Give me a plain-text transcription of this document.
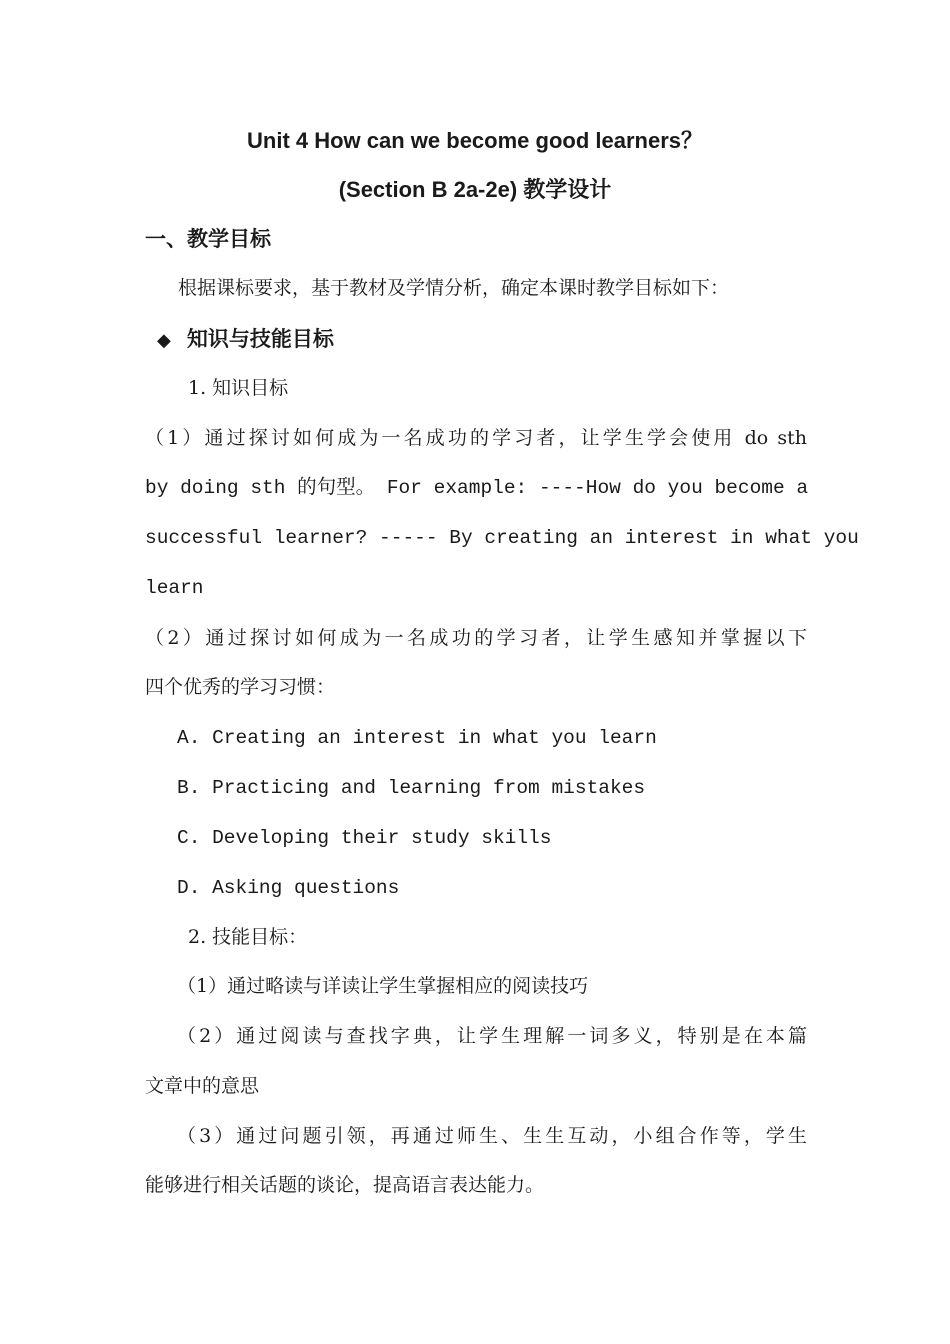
Unit 4 How can we become good learners？
(Section B 2a-2e) 教学设计
一、教学目标
根据课标要求，基于教材及学情分析，确定本课时教学目标如下：
◆ 知识与技能目标
1. 知识目标
（1）通过探讨如何成为一名成功的学习者，让学生学会使用 do sth
by doing sth 的句型。 For example: ----How do you become a
successful learner? ----- By creating an interest in what you
learn
（2）通过探讨如何成为一名成功的学习者，让学生感知并掌握以下
四个优秀的学习习惯：
A. Creating an interest in what you learn
B. Practicing and learning from mistakes
C. Developing their study skills
D. Asking questions
2. 技能目标：
（1）通过略读与详读让学生掌握相应的阅读技巧
（2）通过阅读与查找字典，让学生理解一词多义，特别是在本篇
文章中的意思
（3）通过问题引领，再通过师生、生生互动，小组合作等，学生
能够进行相关话题的谈论，提高语言表达能力。
